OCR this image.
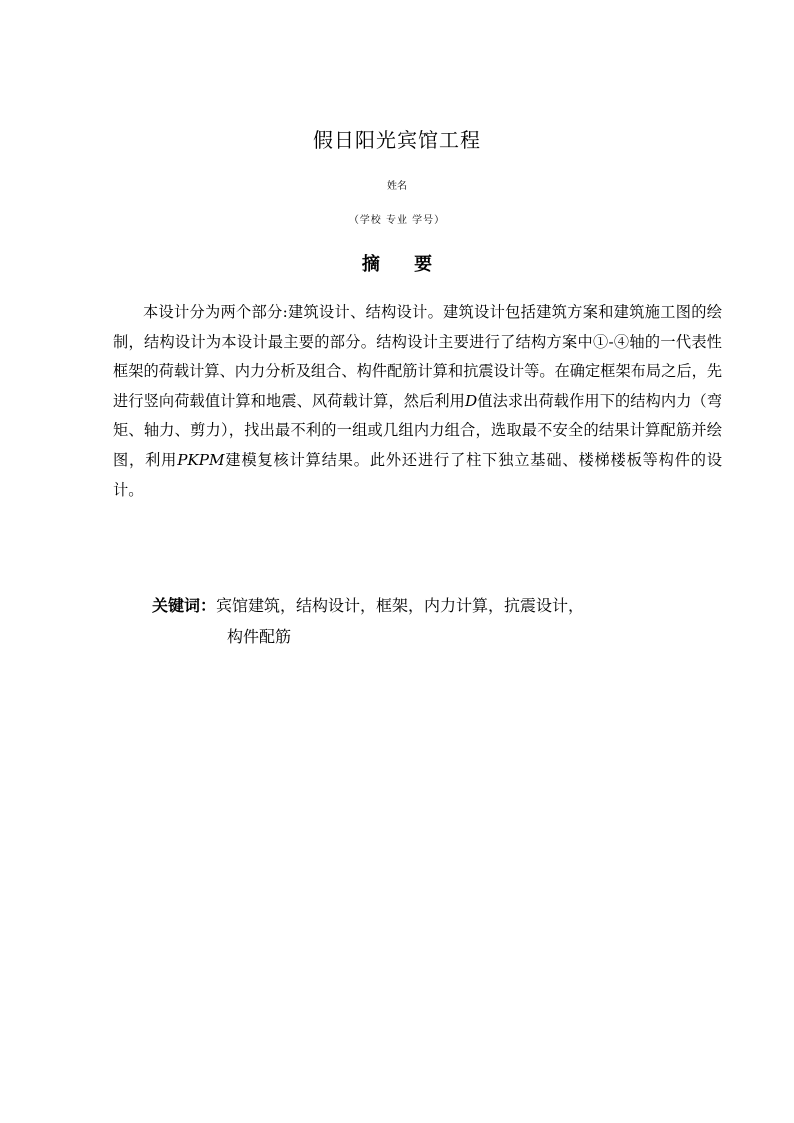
假日阳光宾馆工程
姓名
（学校 专业 学号）
摘 要

本设计分为两个部分:建筑设计、结构设计。建筑设计包括建筑方案和建筑施工图的绘制，结构设计为本设计最主要的部分。结构设计主要进行了结构方案中①-④轴的一代表性框架的荷载计算、内力分析及组合、构件配筋计算和抗震设计等。在确定框架布局之后，先进行竖向荷载值计算和地震、风荷载计算，然后利用D值法求出荷载作用下的结构内力（弯矩、轴力、剪力），找出最不利的一组或几组内力组合，选取最不安全的结果计算配筋并绘图，利用PKPM建模复核计算结果。此外还进行了柱下独立基础、楼梯楼板等构件的设计。

关键词：宾馆建筑，结构设计，框架，内力计算，抗震设计，
构件配筋
